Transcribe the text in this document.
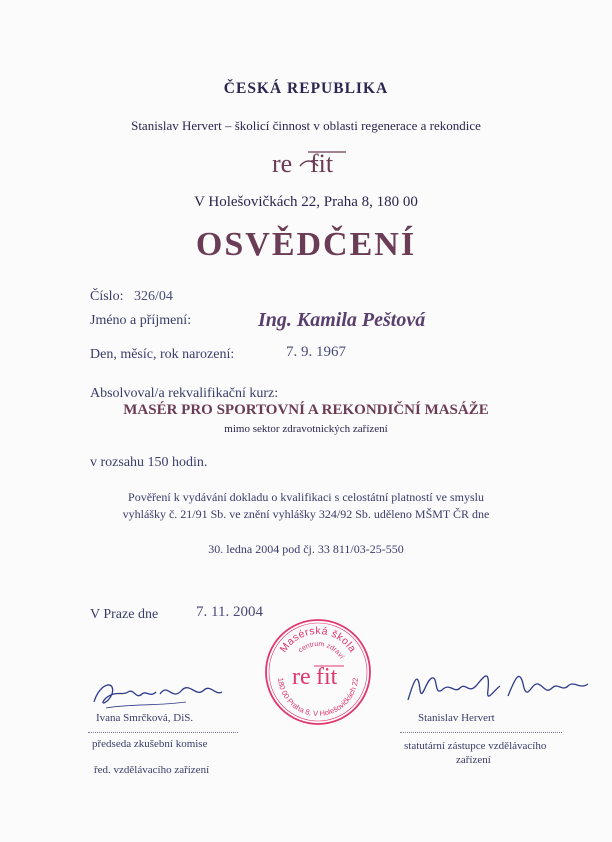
ČESKÁ REPUBLIKA
Stanislav Hervert – školicí činnost v oblasti regenerace a rekondice
re fit
V Holešovičkách 22, Praha 8, 180 00
OSVĚDČENÍ
Číslo: 326/04
Jméno a příjmení:	Ing. Kamila Peštová
Den, měsíc, rok narození:	7. 9. 1967
Absolvoval/a rekvalifikační kurz:
MASÉR PRO SPORTOVNÍ A REKONDIČNÍ MASÁŽE
mimo sektor zdravotnických zařízení
v rozsahu 150 hodin.
Pověření k vydávání dokladu o kvalifikaci s celostátní platností ve smyslu
vyhlášky č. 21/91 Sb. ve znění vyhlášky 324/92 Sb. uděleno MŠMT ČR dne
30. ledna 2004 pod čj. 33 811/03-25-550
V Praze dne	7. 11. 2004
Masérská škola
centrum zdraví
re fit
180 00 Praha 8, V Holešovičkách 22
Ivana Smrčková, DiS.
předseda zkušební komise
řed. vzdělávacího zařízení
Stanislav Hervert
statutární zástupce vzdělávacího
zařízení
